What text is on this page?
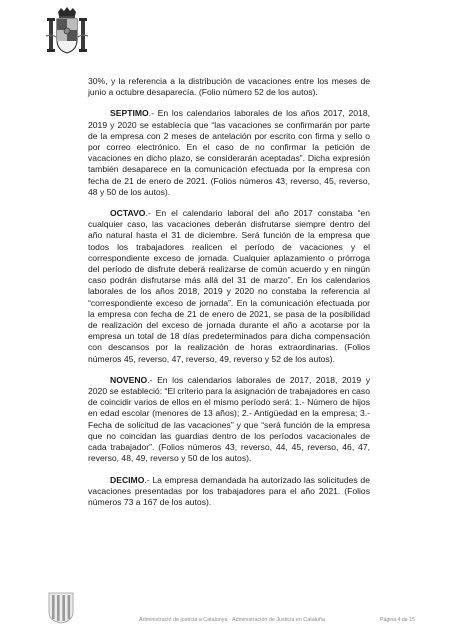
30%, y la referencia a la distribución de vacaciones entre los meses de junio a octubre desaparecía. (Folio número 52 de los autos).

SEPTIMO.- En los calendarios laborales de los años 2017, 2018, 2019 y 2020 se establecía que “las vacaciones se confirmarán por parte de la empresa con 2 meses de antelación por escrito con firma y sello o por correo electrónico. En el caso de no confirmar la petición de vacaciones en dicho plazo, se considerarán aceptadas”. Dicha expresión también desaparece en la comunicación efectuada por la empresa con fecha de 21 de enero de 2021. (Folios números 43, reverso, 45, reverso, 48 y 50 de los autos).

OCTAVO.- En el calendario laboral del año 2017 constaba “en cualquier caso, las vacaciones deberán disfrutarse siempre dentro del año natural hasta el 31 de diciembre. Será función de la empresa que todos los trabajadores realicen el período de vacaciones y el correspondiente exceso de jornada. Cualquier aplazamiento o prórroga del período de disfrute deberá realizarse de común acuerdo y en ningún caso podrán disfrutarse más allá del 31 de marzo”. En los calendarios laborales de los años 2018, 2019 y 2020 no constaba la referencia al “correspondiente exceso de jornada”. En la comunicación efectuada por la empresa con fecha de 21 de enero de 2021, se pasa de la posibilidad de realización del exceso de jornada durante el año a acotarse por la empresa un total de 18 días predeterminados para dicha compensación con descansos por la realización de horas extraordinarias. (Folios números 45, reverso, 47, reverso, 49, reverso y 52 de los autos).

NOVENO.- En los calendarios laborales de 2017, 2018, 2019 y 2020 se estableció: “El criterio para la asignación de trabajadores en caso de coincidir varios de ellos en el mismo período será: 1.- Número de hijos en edad escolar (menores de 13 años); 2.- Antigüedad en la empresa; 3.- Fecha de solicitud de las vacaciones” y que “será función de la empresa que no coincidan las guardias dentro de los períodos vacacionales de cada trabajador”. (Folios números 43, reverso, 44, 45, reverso, 46, 47, reverso, 48, 49, reverso y 50 de los autos).

DECIMO.- La empresa demandada ha autorizado las solicitudes de vacaciones presentadas por los trabajadores para el año 2021. (Folios números 73 a 167 de los autos).

Administració de justícia a Catalunya · Administración de Justicia en Cataluña	Página 4 de 15
